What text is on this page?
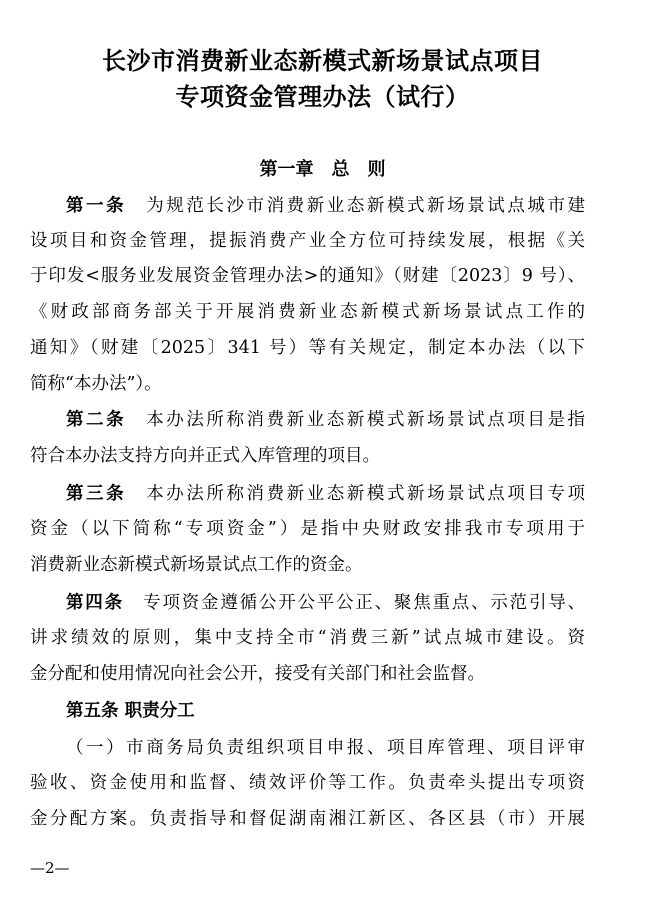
长沙市消费新业态新模式新场景试点项目
专项资金管理办法（试行）
第一章　总　则
第一条　 为规范长沙市消费新业态新模式新场景试点城市建
设项目和资金管理，提振消费产业全方位可持续发展，根据《关
于印发<服务业发展资金管理办法>的通知》（财建〔2023〕9 号）、
《财政部商务部关于开展消费新业态新模式新场景试点工作的
通知》（财建〔2025〕341 号）等有关规定，制定本办法（以下
简称“本办法”）。
第二条　 本办法所称消费新业态新模式新场景试点项目是指
符合本办法支持方向并正式入库管理的项目。
第三条　 本办法所称消费新业态新模式新场景试点项目专项
资金（以下简称“专项资金”）是指中央财政安排我市专项用于
消费新业态新模式新场景试点工作的资金。
第四条　 专项资金遵循公开公平公正、聚焦重点、示范引导、
讲求绩效的原则，集中支持全市“消费三新”试点城市建设。资
金分配和使用情况向社会公开，接受有关部门和社会监督。
第五条 职责分工
（一）市商务局负责组织项目申报、项目库管理、项目评审
验收、资金使用和监督、绩效评价等工作。负责牵头提出专项资
金分配方案。负责指导和督促湖南湘江新区、各区县（市）开展
—2—
